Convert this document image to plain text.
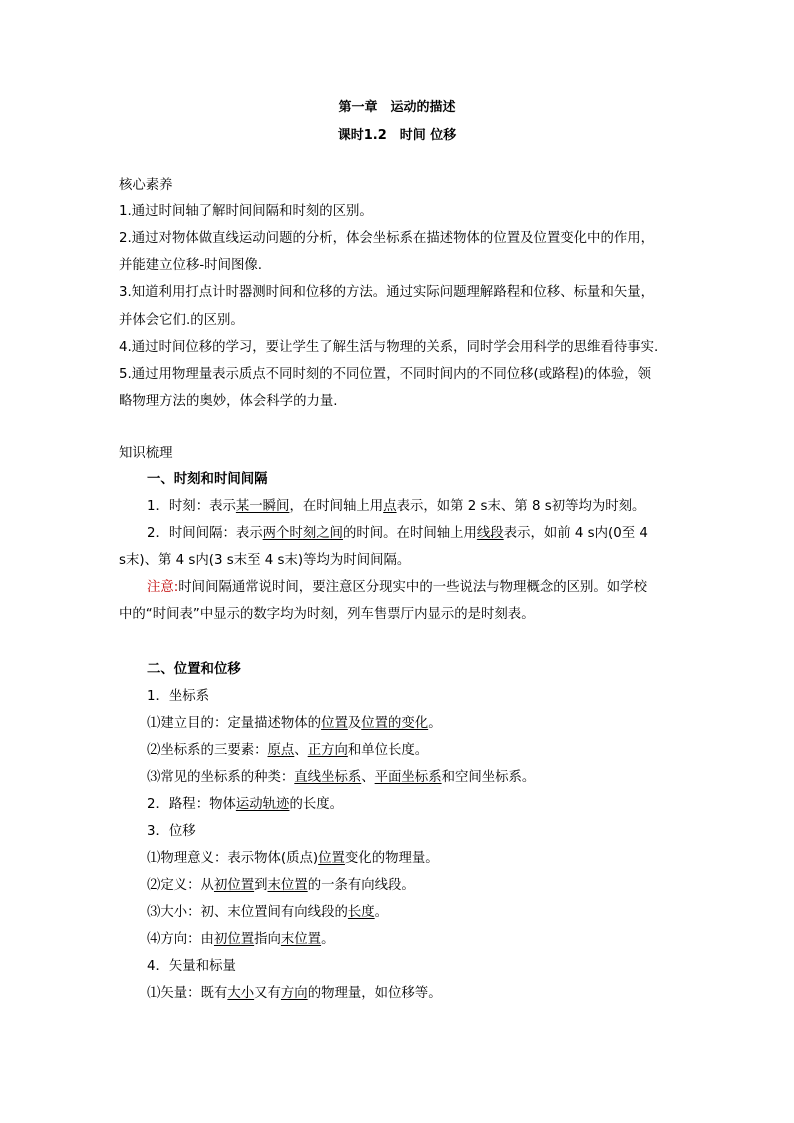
第一章　运动的描述
课时1.2　时间 位移
核心素养
1.通过时间轴了解时间间隔和时刻的区别。
2.通过对物体做直线运动问题的分析，体会坐标系在描述物体的位置及位置变化中的作用，
并能建立位移-时间图像.
3.知道利用打点计时器测时间和位移的方法。通过实际问题理解路程和位移、标量和矢量，
并体会它们.的区别。
4.通过时间位移的学习，要让学生了解生活与物理的关系，同时学会用科学的思维看待事实.
5.通过用物理量表示质点不同时刻的不同位置，不同时间内的不同位移(或路程)的体验，领
略物理方法的奥妙，体会科学的力量.
知识梳理
一、时刻和时间间隔
1．时刻：表示某一瞬间，在时间轴上用点表示，如第 2 s末、第 8 s初等均为时刻。
2．时间间隔：表示两个时刻之间的时间。在时间轴上用线段表示，如前 4 s内(0至 4
s末)、第 4 s内(3 s末至 4 s末)等均为时间间隔。
注意:时间间隔通常说时间，要注意区分现实中的一些说法与物理概念的区别。如学校
中的“时间表”中显示的数字均为时刻，列车售票厅内显示的是时刻表。
二、位置和位移
1．坐标系
⑴建立目的：定量描述物体的位置及位置的变化。
⑵坐标系的三要素：原点、正方向和单位长度。
⑶常见的坐标系的种类：直线坐标系、平面坐标系和空间坐标系。
2．路程：物体运动轨迹的长度。
3．位移
⑴物理意义：表示物体(质点)位置变化的物理量。
⑵定义：从初位置到末位置的一条有向线段。
⑶大小：初、末位置间有向线段的长度。
⑷方向：由初位置指向末位置。
4．矢量和标量
⑴矢量：既有大小又有方向的物理量，如位移等。
